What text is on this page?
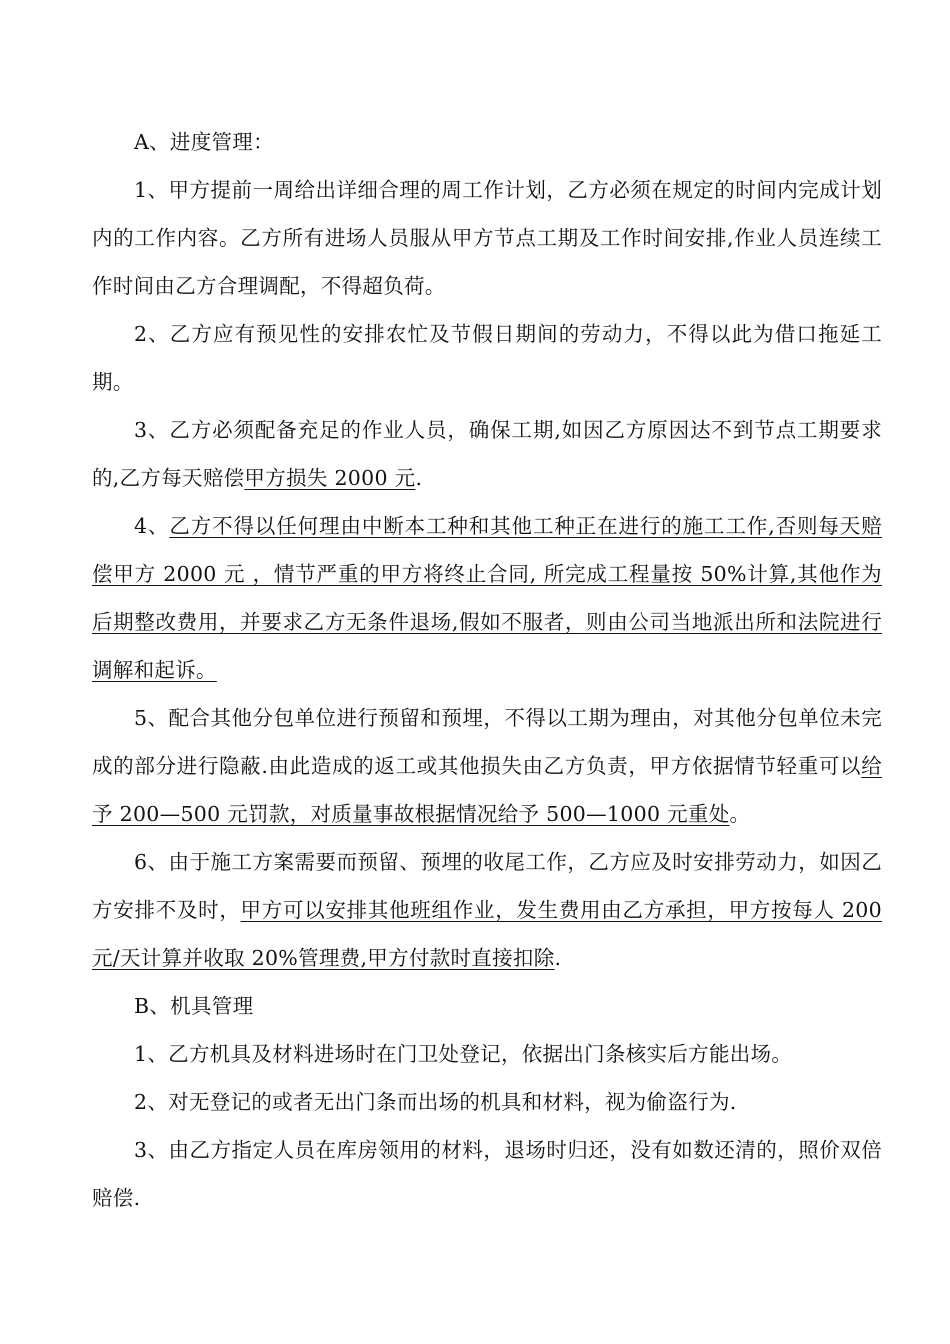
A、进度管理：

1、甲方提前一周给出详细合理的周工作计划，乙方必须在规定的时间内完成计划内的工作内容。乙方所有进场人员服从甲方节点工期及工作时间安排,作业人员连续工作时间由乙方合理调配，不得超负荷。

2、乙方应有预见性的安排农忙及节假日期间的劳动力，不得以此为借口拖延工期。

3、乙方必须配备充足的作业人员，确保工期,如因乙方原因达不到节点工期要求的,乙方每天赔偿甲方损失 2000 元.

4、乙方不得以任何理由中断本工种和其他工种正在进行的施工工作,否则每天赔偿甲方 2000 元 ，情节严重的甲方将终止合同, 所完成工程量按 50%计算,其他作为后期整改费用，并要求乙方无条件退场,假如不服者，则由公司当地派出所和法院进行调解和起诉。

5、配合其他分包单位进行预留和预埋，不得以工期为理由，对其他分包单位未完成的部分进行隐蔽.由此造成的返工或其他损失由乙方负责，甲方依据情节轻重可以给予 200—500 元罚款，对质量事故根据情况给予 500—1000 元重处。

6、由于施工方案需要而预留、预埋的收尾工作，乙方应及时安排劳动力，如因乙方安排不及时，甲方可以安排其他班组作业，发生费用由乙方承担，甲方按每人 200 元/天计算并收取 20%管理费,甲方付款时直接扣除.

B、机具管理

1、乙方机具及材料进场时在门卫处登记，依据出门条核实后方能出场。

2、对无登记的或者无出门条而出场的机具和材料，视为偷盗行为.

3、由乙方指定人员在库房领用的材料，退场时归还，没有如数还清的，照价双倍赔偿.
